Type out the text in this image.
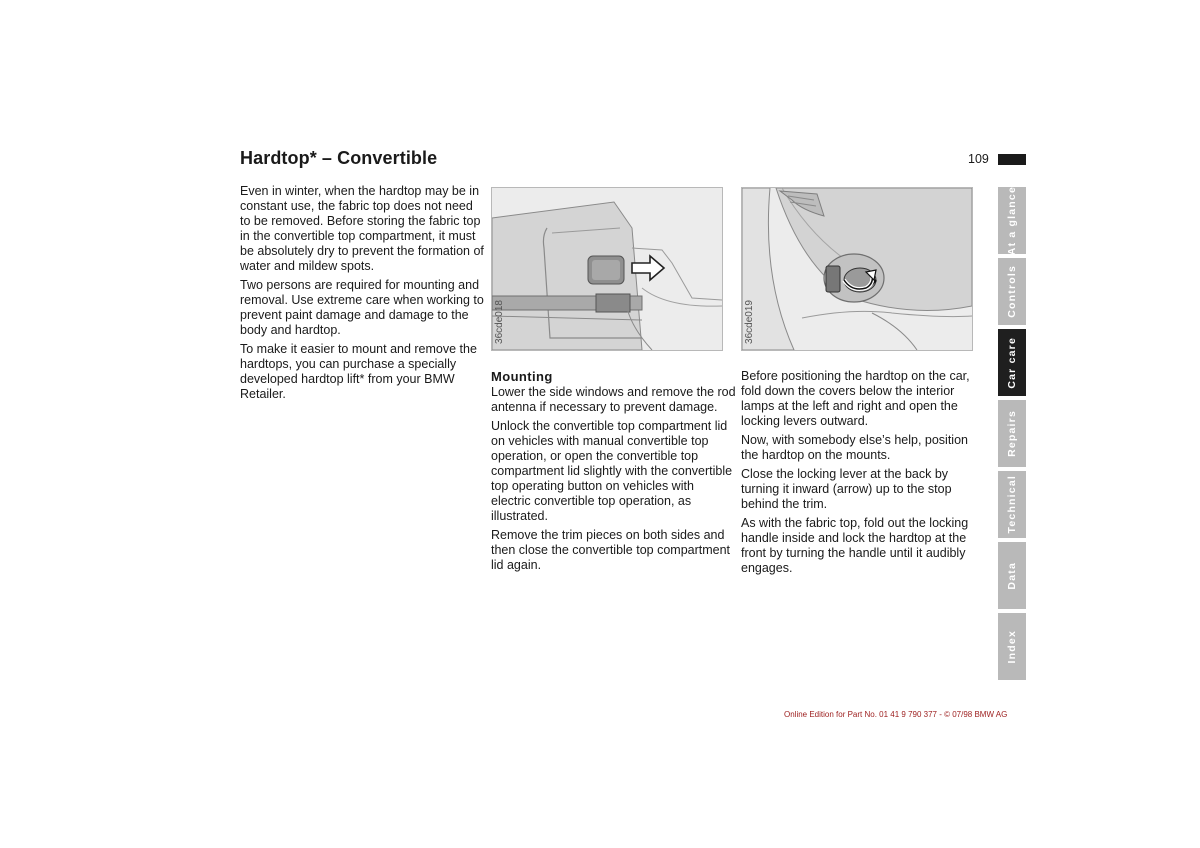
Hardtop* – Convertible	109

Even in winter, when the hardtop may be in constant use, the fabric top does not need to be removed. Before storing the fabric top in the convertible top compartment, it must be absolutely dry to prevent the formation of water and mildew spots.

Two persons are required for mounting and removal. Use extreme care when working to prevent paint damage and damage to the body and hardtop.

To make it easier to mount and remove the hardtops, you can purchase a specially developed hardtop lift* from your BMW Retailer.

36cde018	36cde019
Mounting

Lower the side windows and remove the rod antenna if necessary to prevent damage.

Unlock the convertible top compartment lid on vehicles with manual convertible top operation, or open the convertible top compartment lid slightly with the convertible top operating button on vehicles with electric convertible top operation, as illustrated.

Remove the trim pieces on both sides and then close the convertible top compartment lid again.

Before positioning the hardtop on the car, fold down the covers below the interior lamps at the left and right and open the locking levers outward.

Now, with somebody else’s help, position the hardtop on the mounts.

Close the locking lever at the back by turning it inward (arrow) up to the stop behind the trim.

As with the fabric top, fold out the locking handle inside and lock the hardtop at the front by turning the handle until it audibly engages.

At a glance
Controls
Car care
Repairs
Technical
Data
Index
Online Edition for Part No. 01 41 9 790 377 - © 07/98 BMW AG
